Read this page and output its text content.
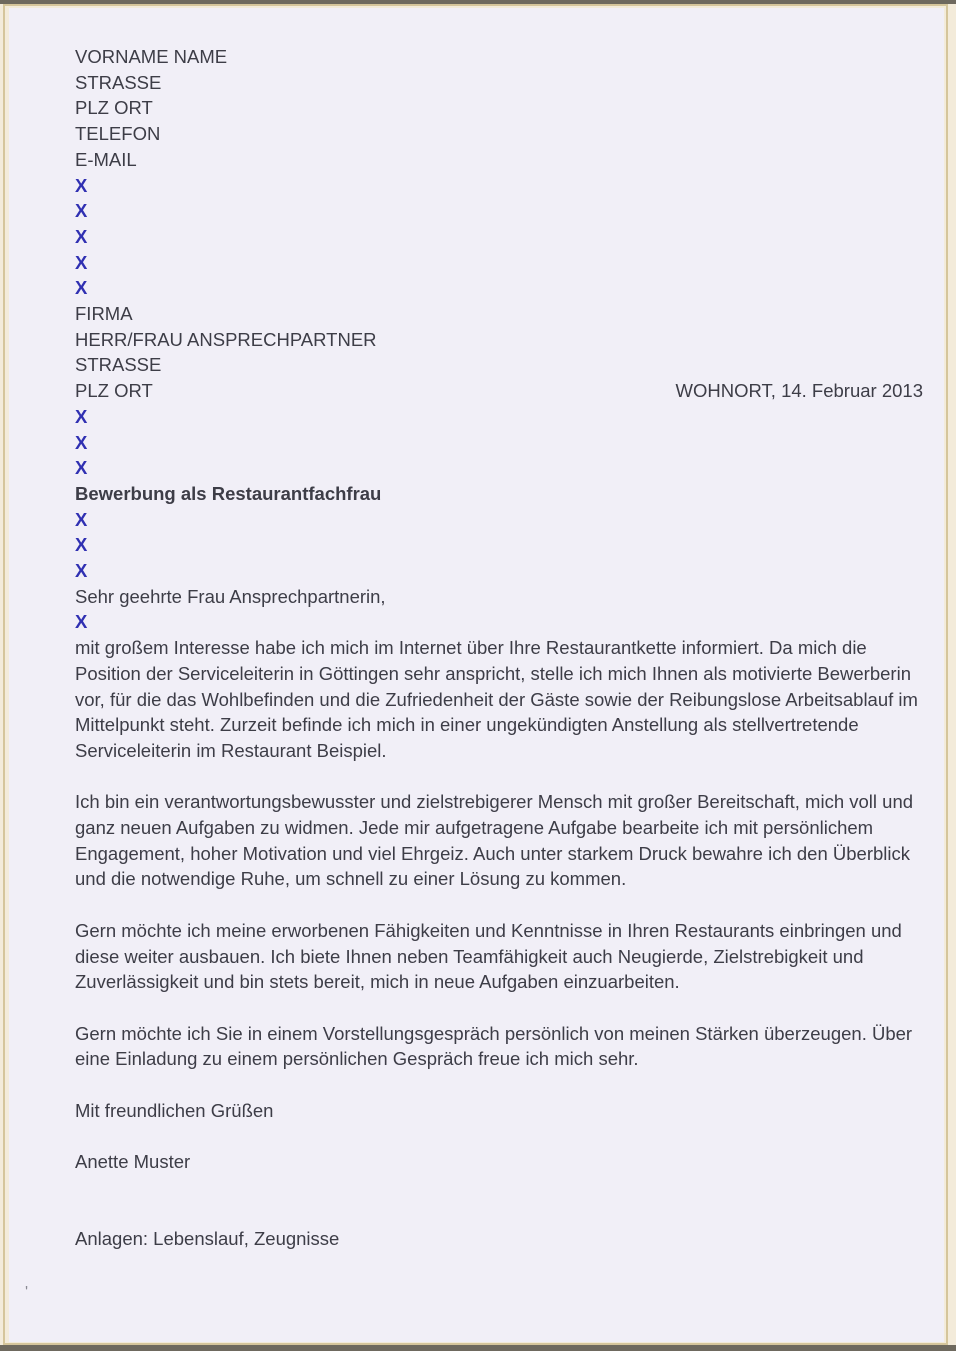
VORNAME NAME
STRASSE
PLZ ORT
TELEFON
E-MAIL
X
X
X
X
X
FIRMA
HERR/FRAU ANSPRECHPARTNER
STRASSE
PLZ ORT	WOHNORT, 14. Februar 2013
X
X
X
Bewerbung als Restaurantfachfrau
X
X
X
Sehr geehrte Frau Ansprechpartnerin,
X

mit großem Interesse habe ich mich im Internet über Ihre Restaurantkette informiert. Da mich die Position der Serviceleiterin in Göttingen sehr anspricht, stelle ich mich Ihnen als motivierte Bewerberin vor, für die das Wohlbefinden und die Zufriedenheit der Gäste sowie der Reibungslose Arbeitsablauf im Mittelpunkt steht. Zurzeit befinde ich mich in einer ungekündigten Anstellung als stellvertretende Serviceleiterin im Restaurant Beispiel.

Ich bin ein verantwortungsbewusster und zielstrebigerer Mensch mit großer Bereitschaft, mich voll und ganz neuen Aufgaben zu widmen. Jede mir aufgetragene Aufgabe bearbeite ich mit persönlichem Engagement, hoher Motivation und viel Ehrgeiz. Auch unter starkem Druck bewahre ich den Überblick und die notwendige Ruhe, um schnell zu einer Lösung zu kommen.

Gern möchte ich meine erworbenen Fähigkeiten und Kenntnisse in Ihren Restaurants einbringen und diese weiter ausbauen. Ich biete Ihnen neben Teamfähigkeit auch Neugierde, Zielstrebigkeit und Zuverlässigkeit und bin stets bereit, mich in neue Aufgaben einzuarbeiten.

Gern möchte ich Sie in einem Vorstellungsgespräch persönlich von meinen Stärken überzeugen. Über eine Einladung zu einem persönlichen Gespräch freue ich mich sehr.

Mit freundlichen Grüßen
Anette Muster
Anlagen: Lebenslauf, Zeugnisse
'
